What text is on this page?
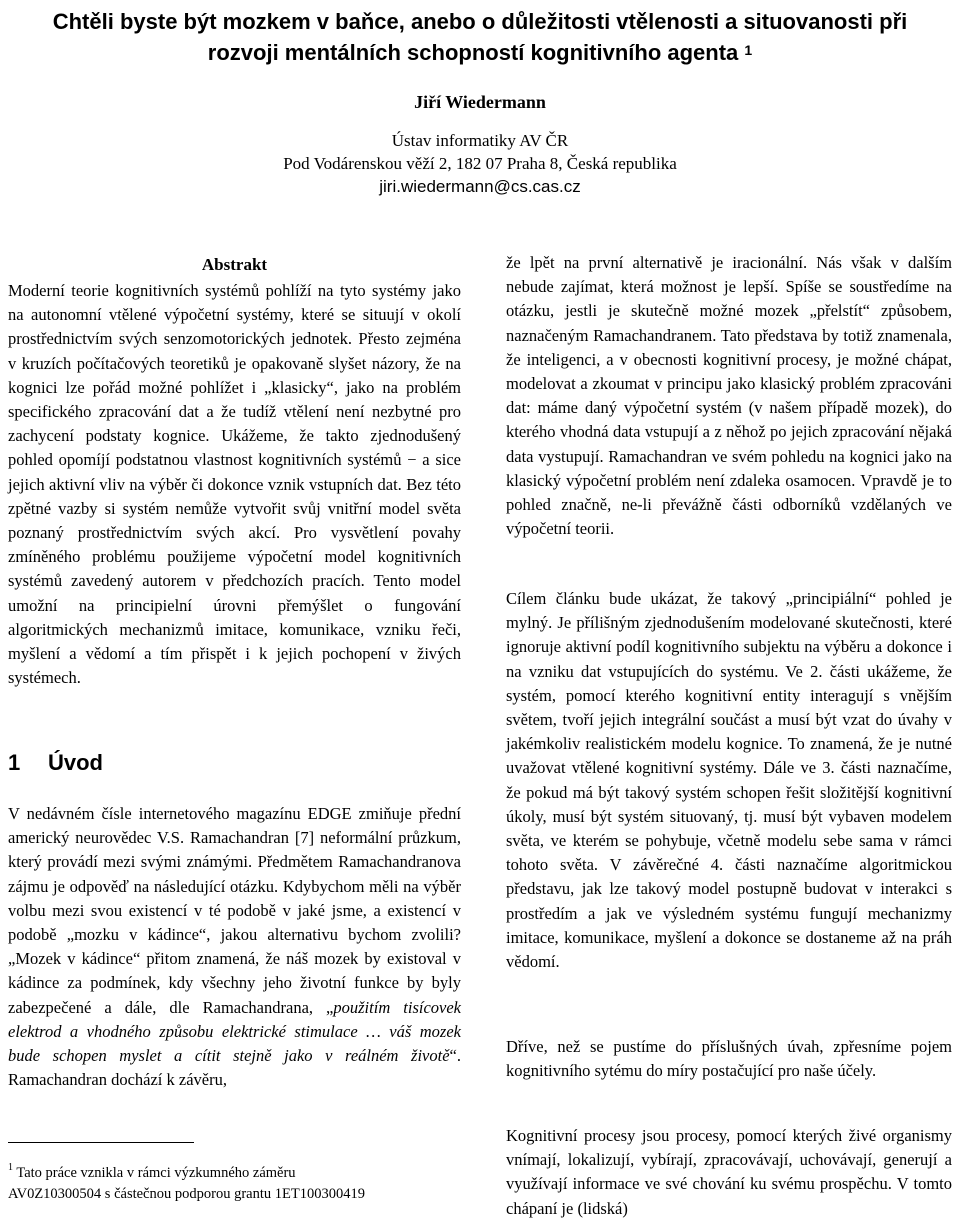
Chtěli byste být mozkem v baňce, anebo o důležitosti vtělenosti a situovanosti při
rozvoji mentálních schopností kognitivního agenta $^1$
Jiří Wiedermann
Ústav informatiky AV ČR
Pod Vodárenskou věží 2, 182 07 Praha 8, Česká republika
jiri.wiedermann@cs.cas.cz
Abstrakt
Moderní teorie kognitivních systémů pohlíží na tyto systémy jako na autonomní vtělené výpočetní systémy, které se situují v okolí prostřednictvím svých senzomotorických jednotek. Přesto zejména v kruzích počítačových teoretiků je opakovaně slyšet názory, že na kognici lze pořád možné pohlížet i „klasicky“, jako na problém specifického zpracování dat a že tudíž vtělení není nezbytné pro zachycení podstaty kognice. Ukážeme, že takto zjednodušený pohled opomíjí podstatnou vlastnost kognitivních systémů − a sice jejich aktivní vliv na výběr či dokonce vznik vstupních dat. Bez této zpětné vazby si systém nemůže vytvořit svůj vnitřní model světa poznaný prostřednictvím svých akcí. Pro vysvětlení povahy zmíněného problému použijeme výpočetní model kognitivních systémů zavedený autorem v předchozích pracích. Tento model umožní na principielní úrovni přemýšlet o fungování algoritmických mechanizmů imitace, komunikace, vzniku řeči, myšlení a vědomí a tím přispět i k jejich pochopení v živých systémech.
1 Úvod
V nedávném čísle internetového magazínu EDGE zmiňuje přední americký neurovědec V.S. Ramachandran [7] neformální průzkum, který provádí mezi svými známými. Předmětem Ramachandranova zájmu je odpověď na následující otázku. Kdybychom měli na výběr volbu mezi svou existencí v té podobě v jaké jsme, a existencí v podobě „mozku v kádince“, jakou alternativu bychom zvolili? „Mozek v kádince“ přitom znamená, že náš mozek by existoval v kádince za podmínek, kdy všechny jeho životní funkce by byly zabezpečené a dále, dle Ramachandrana, „použitím tisícovek elektrod a vhodného způsobu elektrické stimulace … váš mozek bude schopen myslet a cítit stejně jako v reálném životě“. Ramachandran dochází k závěru,
$^1$ Tato práce vznikla v rámci výzkumného záměru AV0Z10300504 s částečnou podporou grantu 1ET100300419
že lpět na první alternativě je iracionální. Nás však v dalším nebude zajímat, která možnost je lepší. Spíše se soustředíme na otázku, jestli je skutečně možné mozek „přelstít“ způsobem, naznačeným Ramachandranem. Tato představa by totiž znamenala, že inteligenci, a v obecnosti kognitivní procesy, je možné chápat, modelovat a zkoumat v principu jako klasický problém zpracováni dat: máme daný výpočetní systém (v našem případě mozek), do kterého vhodná data vstupují a z něhož po jejich zpracování nějaká data vystupují. Ramachandran ve svém pohledu na kognici jako na klasický výpočetní problém není zdaleka osamocen. Vpravdě je to pohled značně, ne-li převážně části odborníků vzdělaných ve výpočetní teorii.
Cílem článku bude ukázat, že takový „principiální“ pohled je mylný. Je přílišným zjednodušením modelované skutečnosti, které ignoruje aktivní podíl kognitivního subjektu na výběru a dokonce i na vzniku dat vstupujících do systému. Ve 2. části ukážeme, že systém, pomocí kterého kognitivní entity interagují s vnějším světem, tvoří jejich integrální součást a musí být vzat do úvahy v jakémkoliv realistickém modelu kognice. To znamená, že je nutné uvažovat vtělené kognitivní systémy. Dále ve 3. části naznačíme, že pokud má být takový systém schopen řešit složitější kognitivní úkoly, musí být systém situovaný, tj. musí být vybaven modelem světa, ve kterém se pohybuje, včetně modelu sebe sama v rámci tohoto světa. V závěrečné 4. části naznačíme algoritmickou představu, jak lze takový model postupně budovat v interakci s prostředím a jak ve výsledném systému fungují mechanizmy imitace, komunikace, myšlení a dokonce se dostaneme až na práh vědomí.
Dříve, než se pustíme do příslušných úvah, zpřesníme pojem kognitivního sytému do míry postačující pro naše účely.
Kognitivní procesy jsou procesy, pomocí kterých živé organismy vnímají, lokalizují, vybírají, zpracovávají, uchovávají, generují a využívají informace ve své chování ku svému prospěchu. V tomto chápaní je (lidská)
